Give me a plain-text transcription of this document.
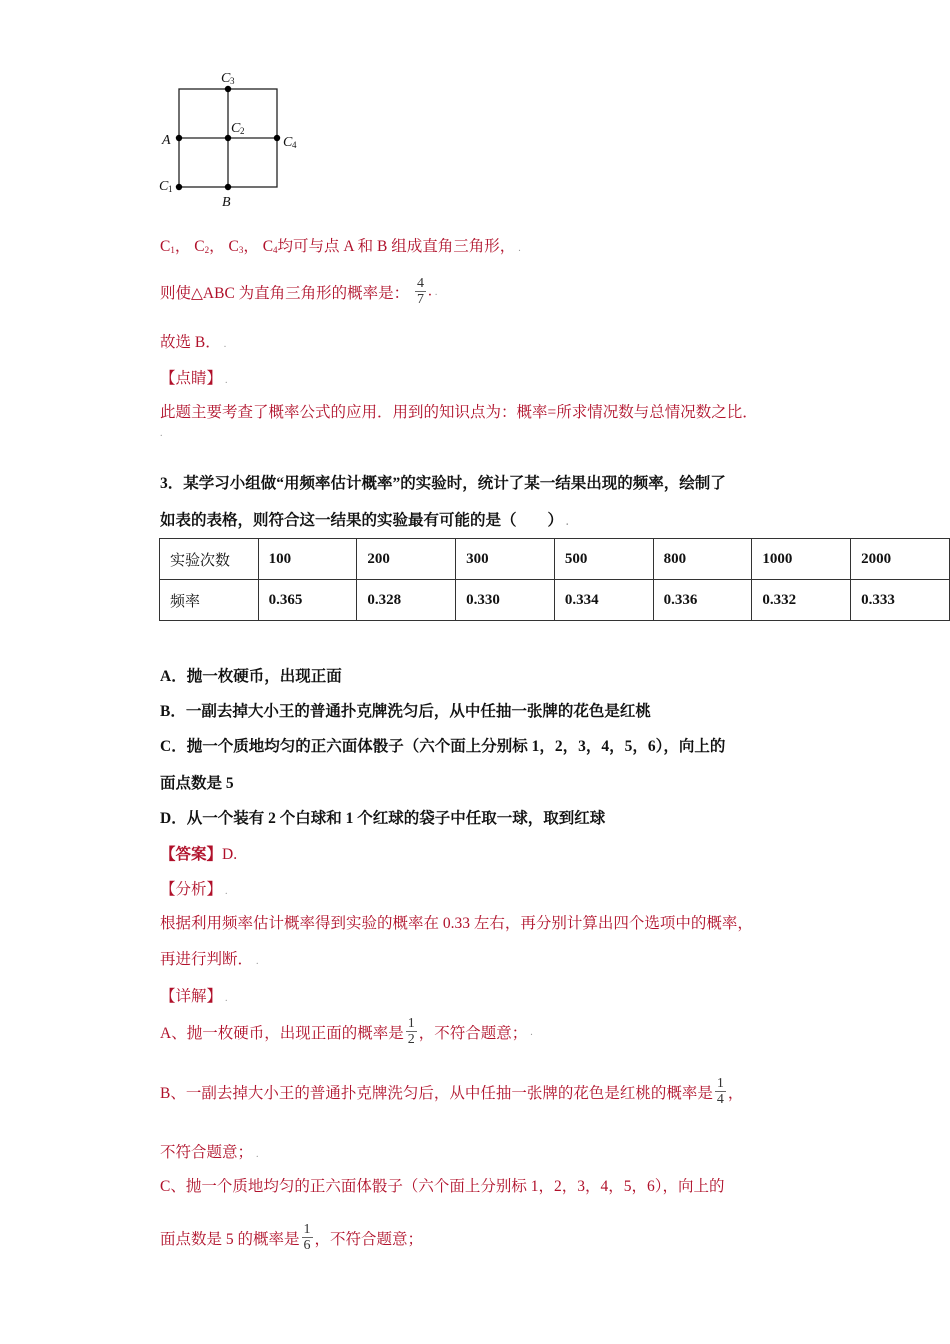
C 3
C 2
C 4
A
C 1
B
$C_1$， $C_2$， $C_3$， $C_4$均可与点 A 和 B 组成直角三角形， .
则使△ABC 为直角三角形的概率是： $\frac{4}{7}$ . .
故选 B． .
【点睛】 .
此题主要考查了概率公式的应用．用到的知识点为：概率=所求情况数与总情况数之比．
.
3．某学习小组做“用频率估计概率”的实验时，统计了某一结果出现的频率，绘制了
如表的表格，则符合这一结果的实验最有可能的是（　　） .
实验次数	100	200	300	500	800	1000	2000
频率	0.365	0.328	0.330	0.334	0.336	0.332	0.333
A．抛一枚硬币，出现正面
B．一副去掉大小王的普通扑克牌洗匀后，从中任抽一张牌的花色是红桃
C．抛一个质地均匀的正六面体骰子（六个面上分别标 1，2，3，4，5，6），向上的
面点数是 5
D．从一个装有 2 个白球和 1 个红球的袋子中任取一球，取到红球
【答案】D.
【分析】 .
根据利用频率估计概率得到实验的概率在 0.33 左右，再分别计算出四个选项中的概率，
再进行判断． .
【详解】 .
A、抛一枚硬币，出现正面的概率是 $\frac{1}{2}$ ，不符合题意； .
B、一副去掉大小王的普通扑克牌洗匀后，从中任抽一张牌的花色是红桃的概率是 $\frac{1}{4}$ ，
不符合题意； .
C、抛一个质地均匀的正六面体骰子（六个面上分别标 1，2，3，4，5，6），向上的
面点数是 5 的概率是 $\frac{1}{6}$ ，不符合题意；
